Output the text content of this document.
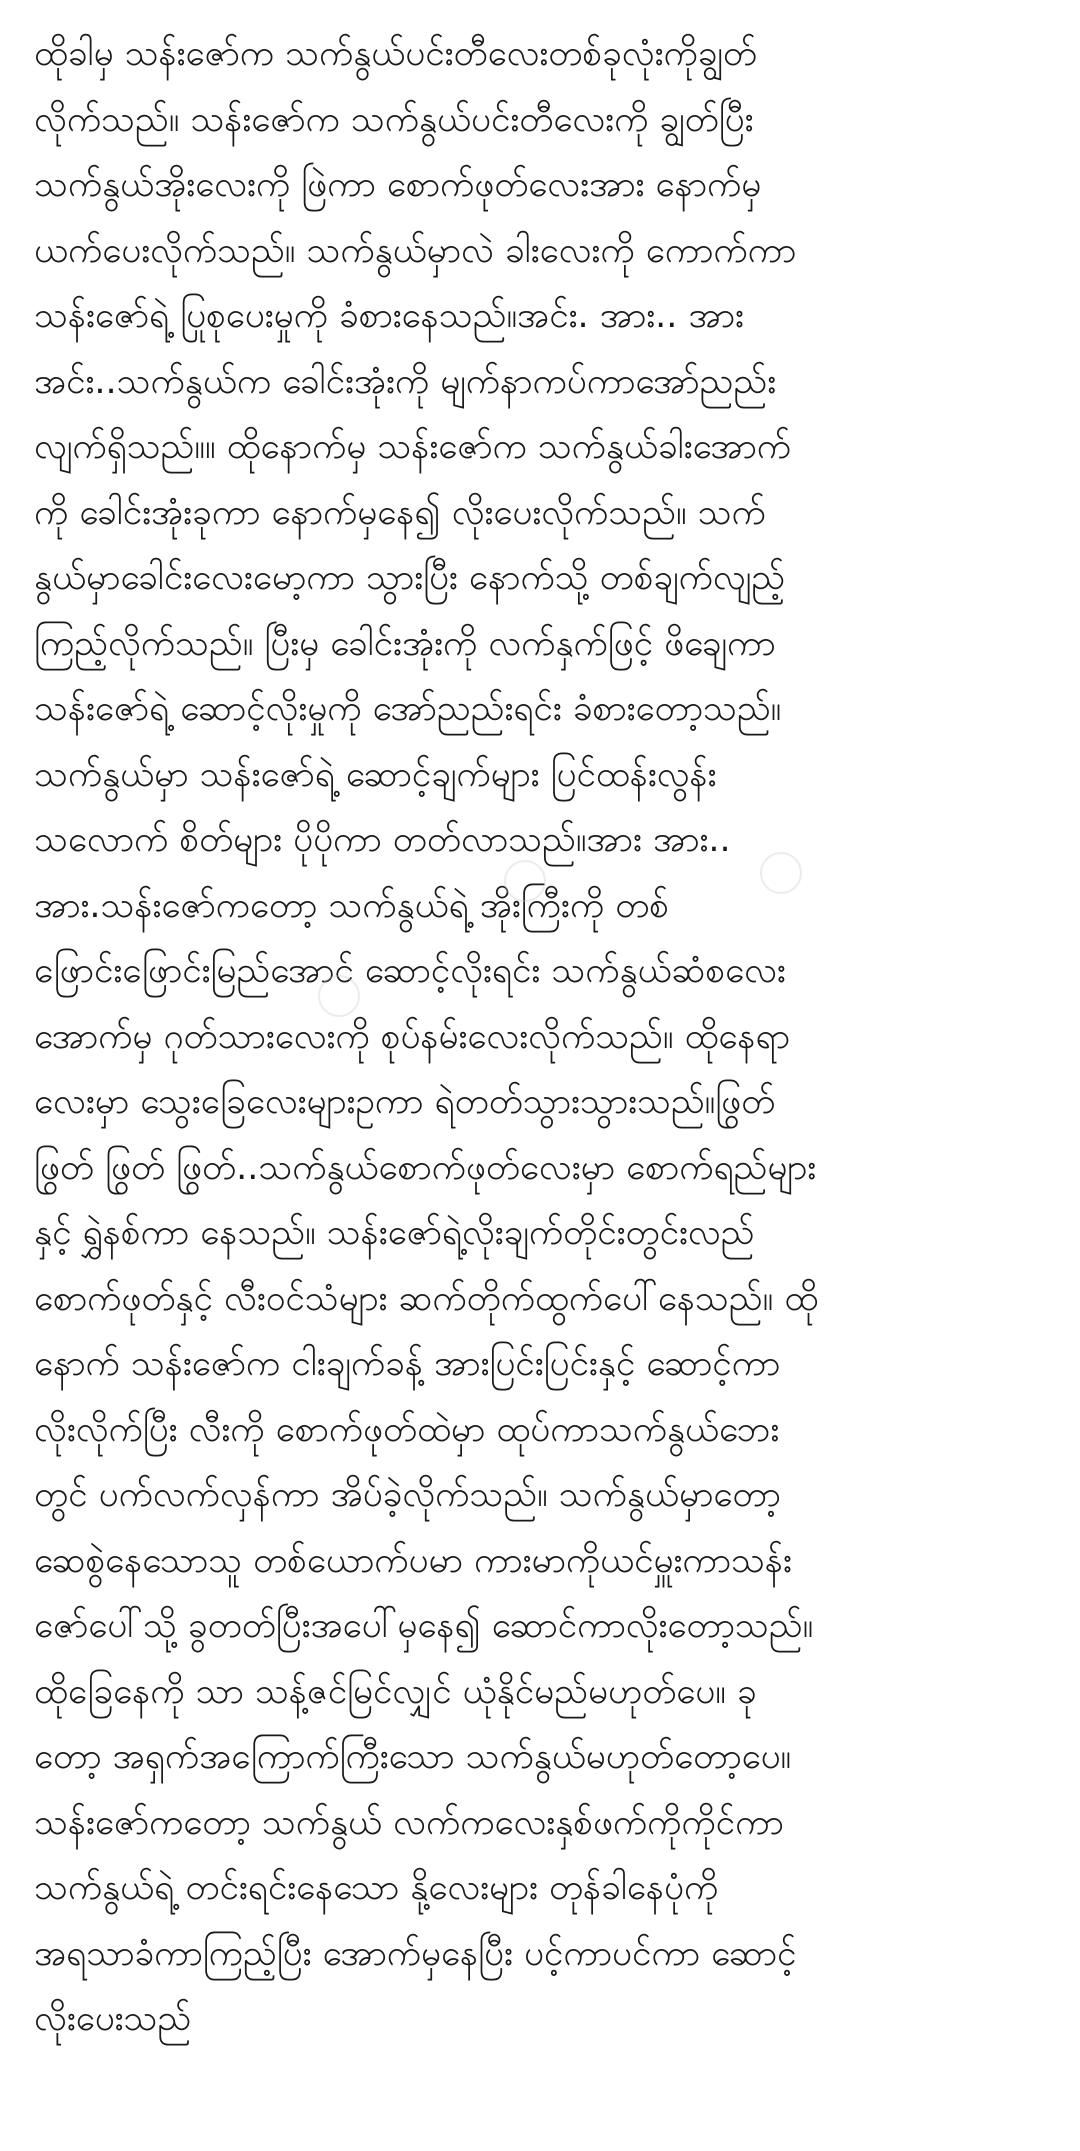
ထိုခါမှ သန်းဇော်က သက်နွယ်ပင်းတီလေးတစ်ခုလုံးကိုချွတ်
လိုက်သည်။ သန်းဇော်က သက်နွယ်ပင်းတီလေးကို ချွတ်ပြီး
သက်နွယ်အိုးလေးကို ဖြဲကာ စောက်ဖုတ်လေးအား နောက်မှ
ယက်ပေးလိုက်သည်။ သက်နွယ်မှာလဲ ခါးလေးကို ကောက်ကာ
သန်းဇော်ရဲ့ ပြုစုပေးမှုကို ခံစားနေသည်။အင်း. အား.. အား
အင်း..သက်နွယ်က ခေါင်းအုံးကို မျက်နာကပ်ကာအော်ညည်း
လျက်ရှိသည်။။ ထိုနောက်မှ သန်းဇော်က သက်နွယ်ခါးအောက်
ကို ခေါင်းအုံးခုကာ နောက်မှနေ၍ လိုးပေးလိုက်သည်။ သက်
နွယ်မှာခေါင်းလေးမော့ကာ သွားပြီး နောက်သို့ တစ်ချက်လျည့်
ကြည့်လိုက်သည်။ ပြီးမှ ခေါင်းအုံးကို လက်နှက်ဖြင့် ဖိချေကာ
သန်းဇော်ရဲ့ ဆောင့်လိုးမှုကို အော်ညည်းရင်း ခံစားတော့သည်။
သက်နွယ်မှာ သန်းဇော်ရဲ့ ဆောင့်ချက်များ ပြင်ထန်းလွန်း
သလောက် စိတ်များ ပိုပိုကာ တတ်လာသည်။အား အား..
အား.သန်းဇော်ကတော့ သက်နွယ်ရဲ့ အိုးကြီးကို တစ်
ဖြောင်းဖြောင်းမြည်အောင် ဆောင့်လိုးရင်း သက်နွယ်ဆံစလေး
အောက်မှ ဂုတ်သားလေးကို စုပ်နမ်းလေးလိုက်သည်။ ထိုနေရာ
လေးမှာ သွေးခြေလေးများဥကာ ရဲတတ်သွားသွားသည်။ဖြွတ်
ဖြွတ် ဖြွတ် ဖြွတ်..သက်နွယ်စောက်ဖုတ်လေးမှာ စောက်ရည်များ
နှင့် ရွှဲနစ်ကာ နေသည်။ သန်းဇော်ရဲ့လိုးချက်တိုင်းတွင်းလည်
စောက်ဖုတ်နှင့် လီးဝင်သံများ ဆက်တိုက်ထွက်ပေါ်နေသည်။ ထို
နောက် သန်းဇော်က ငါးချက်ခန့် အားပြင်းပြင်းနှင့် ဆောင့်ကာ
လိုးလိုက်ပြီး လီးကို စောက်ဖုတ်ထဲမှာ ထုပ်ကာသက်နွယ်ဘေး
တွင် ပက်လက်လှန်ကာ အိပ်ခဲ့လိုက်သည်။ သက်နွယ်မှာတော့
ဆေစွဲနေသောသူ တစ်ယောက်ပမာ ကားမာကိုယင်မှူးကာသန်း
ဇော်ပေါ်သို့ ခွတတ်ပြီးအပေါ်မှနေ၍ ဆောင်ကာလိုးတော့သည်။
ထိုခြေနေကို သာ သန့်ဇင်မြင်လျှင် ယုံနိုင်မည်မဟုတ်ပေ။ ခု
တော့ အရှက်အကြောက်ကြီးသော သက်နွယ်မဟုတ်တော့ပေ။
သန်းဇော်ကတော့ သက်နွယ် လက်ကလေးနှစ်ဖက်ကိုကိုင်ကာ
သက်နွယ်ရဲ့ တင်းရင်းနေသော နို့လေးများ တုန်ခါနေပုံကို
အရသာခံကာကြည့်ပြီး အောက်မှနေပြီး ပင့်ကာပင်ကာ ဆောင့်
လိုးပေးသည်
